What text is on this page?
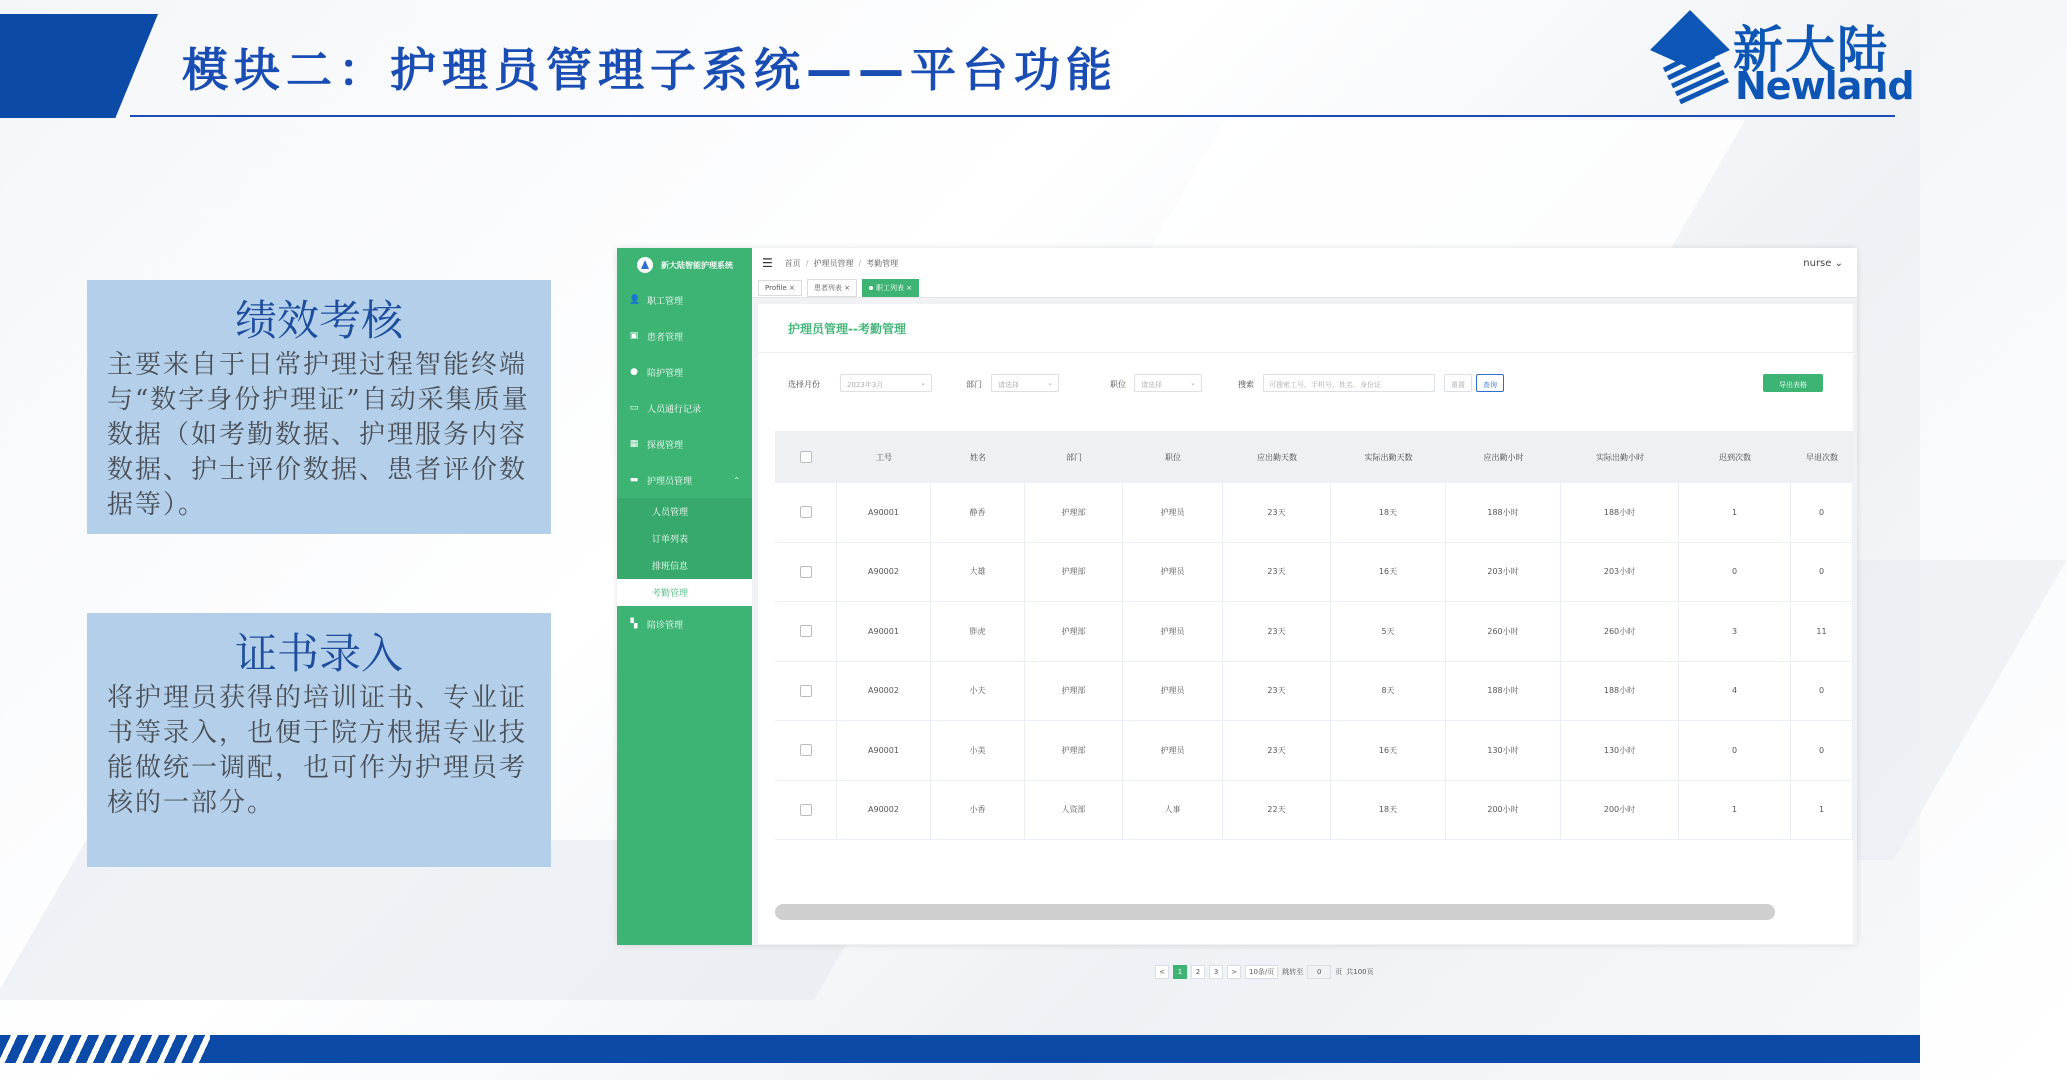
模块二：护理员管理子系统——平台功能	新大陆
Newland
绩效考核
主要来自于日常护理过程智能终端与“数字身份护理证”自动采集质量数据（如考勤数据、护理服务内容数据、护士评价数据、患者评价数据等）。
证书录入
将护理员获得的培训证书、专业证书等录入，也便于院方根据专业技能做统一调配，也可作为护理员考核的一部分。
新大陆智能护理系统
👤 职工管理
▣ 患者管理
● 陪护管理
▭ 人员通行记录
▦ 探视管理
▬ 护理员管理	⌃
人员管理
订单列表
排班信息
考勤管理
▚ 陪诊管理
☰ 首页 / 护理员管理 / 考勤管理	nurse ⌄
Profile ×	患者列表 ×	职工列表 ×
护理员管理--考勤管理
选择月份	2023年3月	⌄	部门	请选择	⌄	职位	请选择	⌄	搜索	可搜索工号、手机号、姓名、身份证	重置	查询	导出表格
工号	姓名	部门	职位	应出勤天数	实际出勤天数	应出勤小时	实际出勤小时	迟到次数	早退次数
A90001	静香	护理部	护理员	23天	18天	188小时	188小时	1	0
A90002	大雄	护理部	护理员	23天	16天	203小时	203小时	0	0
A90001	胖虎	护理部	护理员	23天	5天	260小时	260小时	3	11
A90002	小夫	护理部	护理员	23天	8天	188小时	188小时	4	0
A90001	小美	护理部	护理员	23天	16天	130小时	130小时	0	0
A90002	小香	人资部	人事	22天	18天	200小时	200小时	1	1
<	1	2	3	>	10条/页	跳转至	0	页 共100页
